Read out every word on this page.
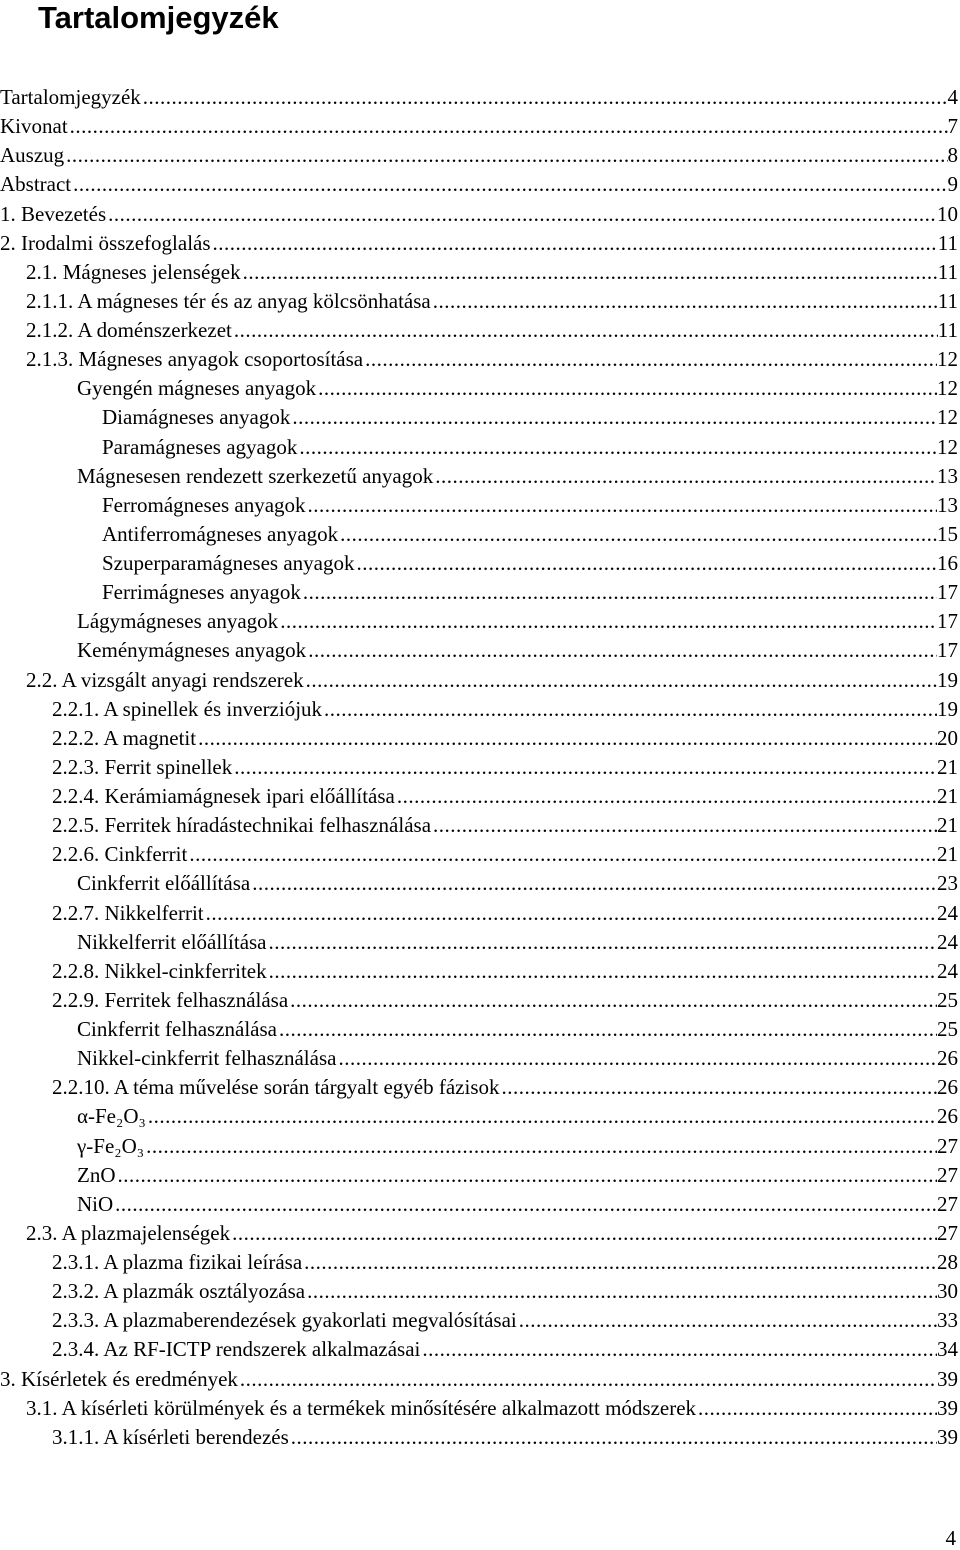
Tartalomjegyzék
Tartalomjegyzék .....	4
Kivonat .....	7
Auszug .....	8
Abstract .....	9
1. Bevezetés .....	10
2. Irodalmi összefoglalás .....	11
2.1. Mágneses jelenségek .....	11
2.1.1. A mágneses tér és az anyag kölcsönhatása .....	11
2.1.2. A doménszerkezet .....	11
2.1.3. Mágneses anyagok csoportosítása .....	12
Gyengén mágneses anyagok .....	12
Diamágneses anyagok .....	12
Paramágneses agyagok .....	12
Mágnesesen rendezett szerkezetű anyagok .....	13
Ferromágneses anyagok .....	13
Antiferromágneses anyagok .....	15
Szuperparamágneses anyagok .....	16
Ferrimágneses anyagok .....	17
Lágymágneses anyagok .....	17
Keménymágneses anyagok .....	17
2.2. A vizsgált anyagi rendszerek .....	19
2.2.1. A spinellek és inverziójuk .....	19
2.2.2. A magnetit .....	20
2.2.3. Ferrit spinellek .....	21
2.2.4. Kerámiamágnesek ipari előállítása .....	21
2.2.5. Ferritek híradástechnikai felhasználása .....	21
2.2.6. Cinkferrit .....	21
Cinkferrit előállítása .....	23
2.2.7. Nikkelferrit .....	24
Nikkelferrit előállítása .....	24
2.2.8. Nikkel-cinkferritek .....	24
2.2.9. Ferritek felhasználása .....	25
Cinkferrit felhasználása .....	25
Nikkel-cinkferrit felhasználása .....	26
2.2.10. A téma művelése során tárgyalt egyéb fázisok .....	26
α-Fe₂O₃ .....	26
γ-Fe₂O₃ .....	27
ZnO .....	27
NiO .....	27
2.3. A plazmajelenségek .....	27
2.3.1. A plazma fizikai leírása .....	28
2.3.2. A plazmák osztályozása .....	30
2.3.3. A plazmaberendezések gyakorlati megvalósításai .....	33
2.3.4. Az RF-ICTP rendszerek alkalmazásai .....	34
3. Kísérletek és eredmények .....	39
3.1. A kísérleti körülmények és a termékek minősítésére alkalmazott módszerek .....	39
3.1.1. A kísérleti berendezés .....	39
4
